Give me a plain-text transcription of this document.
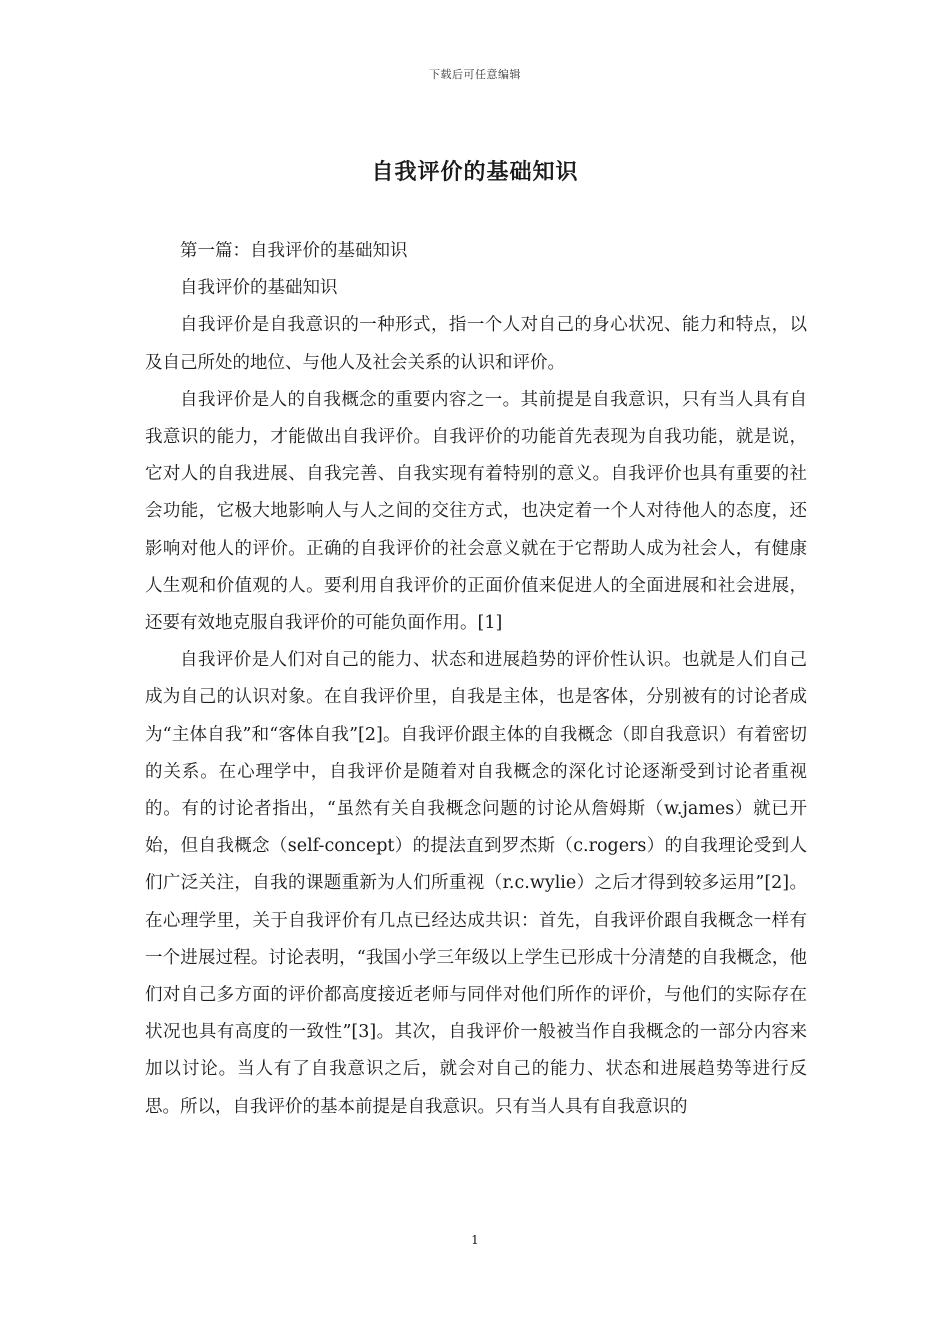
下载后可任意编辑
自我评价的基础知识

第一篇：自我评价的基础知识

自我评价的基础知识

自我评价是自我意识的一种形式，指一个人对自己的身心状况、能力和特点，以及自己所处的地位、与他人及社会关系的认识和评价。

自我评价是人的自我概念的重要内容之一。其前提是自我意识，只有当人具有自我意识的能力，才能做出自我评价。自我评价的功能首先表现为自我功能，就是说，它对人的自我进展、自我完善、自我实现有着特别的意义。自我评价也具有重要的社会功能，它极大地影响人与人之间的交往方式，也决定着一个人对待他人的态度，还影响对他人的评价。正确的自我评价的社会意义就在于它帮助人成为社会人，有健康人生观和价值观的人。要利用自我评价的正面价值来促进人的全面进展和社会进展，还要有效地克服自我评价的可能负面作用。[1]

自我评价是人们对自己的能力、状态和进展趋势的评价性认识。也就是人们自己成为自己的认识对象。在自我评价里，自我是主体，也是客体，分别被有的讨论者成为“主体自我”和“客体自我”[2]。自我评价跟主体的自我概念（即自我意识）有着密切的关系。在心理学中，自我评价是随着对自我概念的深化讨论逐渐受到讨论者重视的。有的讨论者指出，“虽然有关自我概念问题的讨论从詹姆斯（w.james）就已开始，但自我概念（self-concept）的提法直到罗杰斯（c.rogers）的自我理论受到人们广泛关注，自我的课题重新为人们所重视（r.c.wylie）之后才得到较多运用”[2]。在心理学里，关于自我评价有几点已经达成共识：首先，自我评价跟自我概念一样有一个进展过程。讨论表明，“我国小学三年级以上学生已形成十分清楚的自我概念，他们对自己多方面的评价都高度接近老师与同伴对他们所作的评价，与他们的实际存在状况也具有高度的一致性”[3]。其次，自我评价一般被当作自我概念的一部分内容来加以讨论。当人有了自我意识之后，就会对自己的能力、状态和进展趋势等进行反思。所以，自我评价的基本前提是自我意识。只有当人具有自我意识的

1
